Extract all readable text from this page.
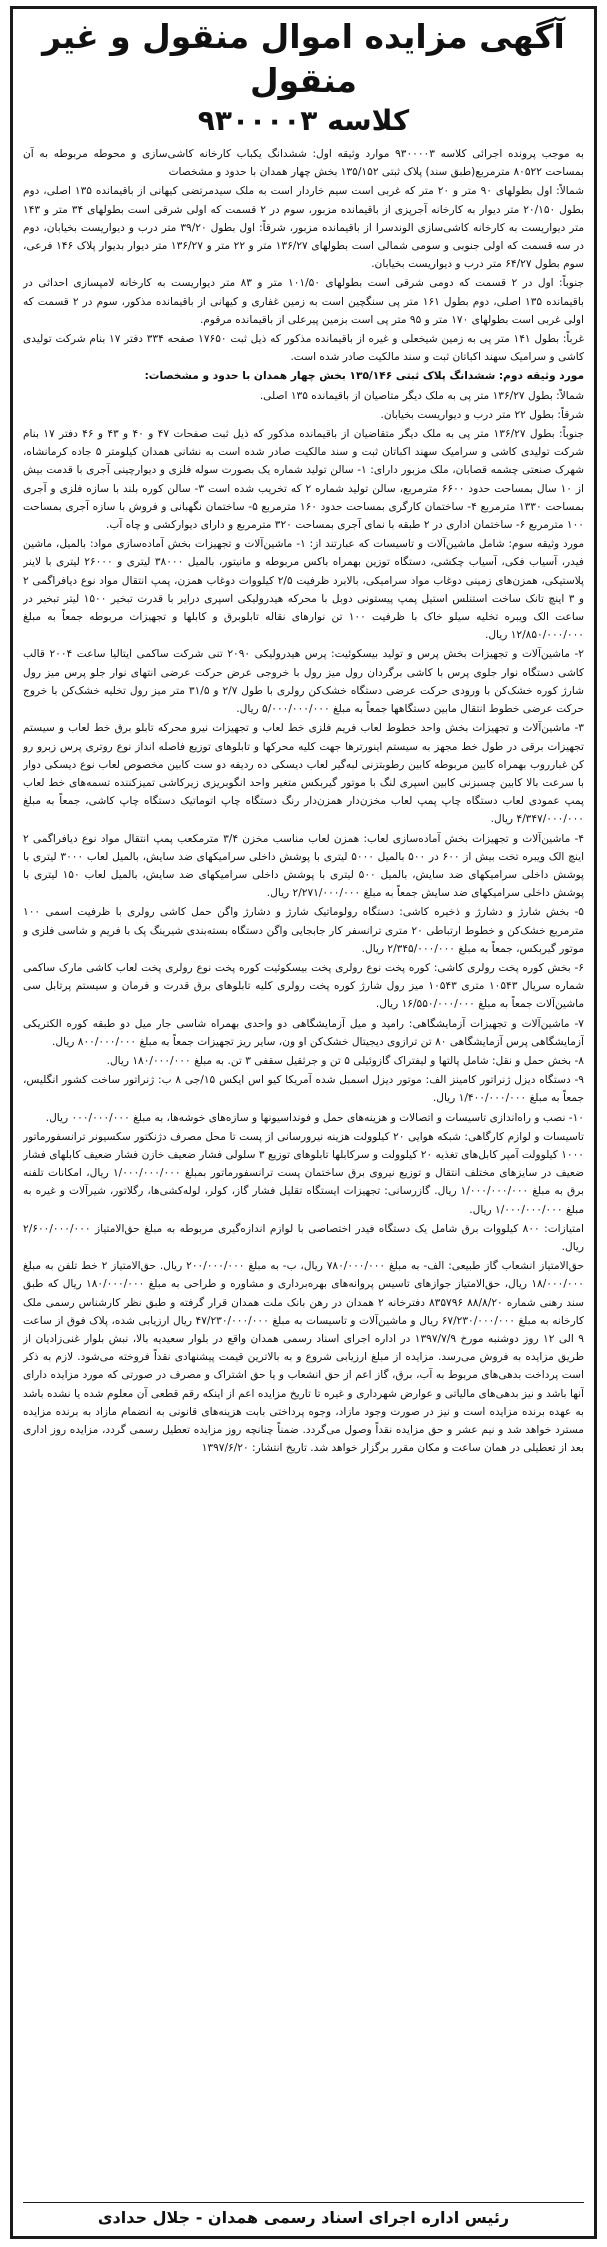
آگهی مزایده اموال منقول و غیر منقول
کلاسه ۹۳۰۰۰۰۳

به موجب پرونده اجرائی کلاسه ۹۳۰۰۰۰۳ موارد وثیقه اول: ششدانگ یکباب کارخانه کاشی‌سازی و محوطه مربوطه به آن بمساحت ۸۰۵۲۲ مترمربع(طبق سند) پلاک ثبتی ۱۳۵/۱۵۲ بخش چهار همدان با حدود و مشخصات

شمالاً: اول بطولهای ۹۰ متر و ۲۰ متر که غربی است سیم خاردار است به ملک سیدمرتضی کیهانی از باقیمانده ۱۳۵ اصلی، دوم بطول ۲۰/۱۵۰ متر دیوار به کارخانه آجرپزی از باقیمانده مزبور، سوم در ۲ قسمت که اولی شرقی است بطولهای ۳۴ متر و ۱۴۳ متر دیواریست به کارخانه کاشی‌سازی الوندسرا از باقیمانده مزبور، شرقاً: اول بطول ۳۹/۲۰ متر درب و دیواریست بخیابان، دوم در سه قسمت که اولی جنوبی و سومی شمالی است بطولهای ۱۳۶/۲۷ متر و ۲۲ متر و ۱۳۶/۲۷ متر دیوار بدیوار پلاک ۱۴۶ فرعی، سوم بطول ۶۴/۲۷ متر درب و دیواریست بخیابان.

جنوباً: اول در ۲ قسمت که دومی شرقی است بطولهای ۱۰۱/۵۰ متر و ۸۳ متر دیواریست به کارخانه لامپسازی احداثی در باقیمانده ۱۳۵ اصلی، دوم بطول ۱۶۱ متر پی سنگچین است به زمین غفاری و کیهانی از باقیمانده مذکور، سوم در ۲ قسمت که اولی غربی است بطولهای ۱۷۰ متر و ۹۵ متر پی است بزمین پیرعلی از باقیمانده مرقوم.

غرباً: بطول ۱۴۱ متر پی به زمین شیخعلی و غیره از باقیمانده مذکور که ذیل ثبت ۱۷۶۵۰ صفحه ۳۳۴ دفتر ۱۷ بنام شرکت تولیدی کاشی و سرامیک سهند اکباتان ثبت و سند مالکیت صادر شده است.

مورد وثیقه دوم: ششدانگ پلاک ثبتی ۱۳۵/۱۴۶ بخش چهار همدان با حدود و مشخصات:

شمالاً: بطول ۱۳۶/۲۷ متر پی به ملک دیگر متاصیان از باقیمانده ۱۳۵ اصلی.

شرقاً: بطول ۲۲ متر درب و دیواریست بخیابان.

جنوباً: بطول ۱۳۶/۲۷ متر پی به ملک دیگر متقاضیان از باقیمانده مذکور که ذیل ثبت صفحات ۴۷ و ۴۰ و ۴۳ و ۴۶ دفتر ۱۷ بنام شرکت تولیدی کاشی و سرامیک سهند اکباتان ثبت و سند مالکیت صادر شده است به نشانی همدان کیلومتر ۵ جاده کرمانشاه، شهرک صنعتی چشمه قصابان، ملک مزبور دارای: ۱- سالن تولید شماره یک بصورت سوله فلزی و دیوارچینی آجری با قدمت بیش از ۱۰ سال بمساحت حدود ۶۶۰۰ مترمربع، سالن تولید شماره ۲ که تخریب شده است ۳- سالن کوره بلند با سازه فلزی و آجری بمساحت ۱۳۳۰ مترمربع ۴- ساختمان کارگری بمساحت حدود ۱۶۰ مترمربع ۵- ساختمان نگهبانی و فروش با سازه آجری بمساحت ۱۰۰ مترمربع ۶- ساختمان اداری در ۲ طبقه با نمای آجری بمساحت ۳۲۰ مترمربع و دارای دیوارکشی و چاه آب.

مورد وثیقه سوم: شامل ماشین‌آلات و تاسیسات که عبارتند از: ۱- ماشین‌آلات و تجهیزات بخش آماده‌سازی مواد: بالمیل، ماشین فیدر، آسیاب فکی، آسیاب چکشی، دستگاه توزین بهمراه باکس مربوطه و مانیتور، بالمیل ۳۸۰۰۰ لیتری و ۲۶۰۰۰ لیتری با لاینر پلاستیکی، همزن‌های زمینی دوغاب مواد سرامیکی، بالابرد ظرفیت ۲/۵ کیلووات دوغاب همزن، پمپ انتقال مواد نوع دیافراگمی ۲ و ۳ اینچ تانک ساخت استنلس استیل پمپ پیستونی دوبل با محرکه هیدرولیکی اسپری درایر با قدرت تبخیر ۱۵۰۰ لیتر تبخیر در ساعت الک ویبره تخلیه سیلو خاک با ظرفیت ۱۰۰ تن نوارهای نقاله تابلوبرق و کابلها و تجهیزات مربوطه جمعاً به مبلغ ۱۲/۸۵۰/۰۰۰/۰۰۰ ریال.

۲- ماشین‌آلات و تجهیزات بخش پرس و تولید بیسکوئیت: پرس هیدرولیکی ۲۰۹۰ تنی شرکت ساکمی ایتالیا ساعت ۲۰۰۴ قالب کاشی دستگاه نوار جلوی پرس با کاشی برگردان رول میز رول با خروجی عرض حرکت عرضی انتهای نوار جلو پرس میز رول شارژ کوره خشک‌کن با ورودی حرکت عرضی دستگاه خشک‌کن رولری با طول ۲/۷ و ۳۱/۵ متر میز رول تخلیه خشک‌کن با خروج حرکت عرضی خطوط انتقال مابین دستگاهها جمعاً به مبلغ ۵/۰۰۰/۰۰۰/۰۰۰ ریال.

۳- ماشین‌آلات و تجهیزات بخش واحد خطوط لعاب فریم فلزی خط لعاب و تجهیزات نیرو محرکه تابلو برق خط لعاب و سیستم تجهیزات برقی در طول خط مجهز به سیستم اینورترها جهت کلیه محرکها و تابلوهای توزیع فاصله انداز نوع روتری پرس زبرو رو کن غبارروب بهمراه کابین مربوطه کابین رطوبتزنی لبه‌گیر لعاب دیسکی ده ردیفه دو ست کابین مخصوص لعاب نوع دیسکی دوار با سرعت بالا کابین چسبزنی کابین اسپری لنگ با موتور گیربکس متغیر واحد انگوبریزی زیرکاشی تمیزکننده تسمه‌های خط لعاب پمپ عمودی لعاب دستگاه چاپ پمپ لعاب مخزن‌دار همزن‌دار رنگ دستگاه چاپ اتوماتیک دستگاه چاپ کاشی، جمعاً به مبلغ ۴/۳۴۷/۰۰۰/۰۰۰ ریال.

۴- ماشین‌آلات و تجهیزات بخش آماده‌سازی لعاب: همزن لعاب مناسب مخزن ۳/۴ مترمکعب پمپ انتقال مواد نوع دیافراگمی ۲ اینچ الک ویبره تخت بیش از ۶۰۰ در ۵۰۰ بالمیل ۵۰۰۰ لیتری با پوشش داخلی سرامیکهای ضد سایش، بالمیل لعاب ۳۰۰۰ لیتری با پوشش داخلی سرامیکهای ضد سایش، بالمیل ۵۰۰ لیتری با پوشش داخلی سرامیکهای ضد سایش، بالمیل لعاب ۱۵۰ لیتری با پوشش داخلی سرامیکهای ضد سایش جمعاً به مبلغ ۲/۲۷۱/۰۰۰/۰۰۰ ریال.

۵- بخش شارژ و دشارژ و ذخیره کاشی: دستگاه رولوماتیک شارژ و دشارژ واگن حمل کاشی رولری با ظرفیت اسمی ۱۰۰ مترمربع خشک‌کن و خطوط ارتباطی ۲۰ متری ترانسفر کار جابجایی واگن دستگاه بسته‌بندی شیرینگ پک با فریم و شاسی فلزی و موتور گیربکس، جمعاً به مبلغ ۲/۳۴۵/۰۰۰/۰۰۰ ریال.

۶- بخش کوره پخت رولری کاشی: کوره پخت نوع رولری پخت بیسکوئیت کوره پخت نوع رولری پخت لعاب کاشی مارک ساکمی شماره سریال ۱۰۵۴۳ متری ۱۰۵۴۳ میز رول شارژ کوره پخت رولری کلیه تابلوهای برق قدرت و فرمان و سیستم پرتابل سی ماشین‌آلات جمعاً به مبلغ ۱۶/۵۵۰/۰۰۰/۰۰۰ ریال.

۷- ماشین‌آلات و تجهیزات آزمایشگاهی: رامپد و میل آزمایشگاهی دو واحدی بهمراه شاسی جار میل دو طبقه کوره الکتریکی آزمایشگاهی پرس آزمایشگاهی ۸۰ تن ترازوی دیجیتال خشک‌کن او ون، سایر ریز تجهیزات جمعاً به مبلغ ۸۰۰/۰۰۰/۰۰۰ ریال.

۸- بخش حمل و نقل: شامل پالتها و لیفتراک گازوئیلی ۵ تن و جرثقیل سقفی ۳ تن. به مبلغ ۱۸۰/۰۰۰/۰۰۰ ریال.

۹- دستگاه دیزل ژنراتور کامینز الف: موتور دیزل اسمبل شده آمریکا کیو اس ایکس ۱۵/جی ۸ ب: ژنراتور ساخت کشور انگلیس، جمعاً به مبلغ ۱/۴۰۰/۰۰۰/۰۰۰ ریال.

۱۰- نصب و راه‌اندازی تاسیسات و اتصالات و هزینه‌های حمل و فونداسیونها و سازه‌های خوشه‌ها، به مبلغ ۰۰۰/۰۰۰/۰۰۰ ریال.

تاسیسات و لوازم کارگاهی: شبکه هوایی ۲۰ کیلوولت هزینه نیرورسانی از پست تا محل مصرف دژنکتور سکسیونر ترانسفورماتور ۱۰۰۰ کیلوولت آمپر کابل‌های تغذیه ۲۰ کیلوولت و سرکابلها تابلوهای توزیع ۳ سلولی فشار ضعیف خازن فشار ضعیف کابلهای فشار ضعیف در سایزهای مختلف انتقال و توزیع نیروی برق ساختمان پست ترانسفورماتور بمبلغ ۱/۰۰۰/۰۰۰/۰۰۰ ریال، امکانات تلفنه برق به مبلغ ۱/۰۰۰/۰۰۰/۰۰۰ ریال. گازرسانی: تجهیزات ایستگاه تقلیل فشار گاز، کولر، لوله‌کشی‌ها، رگلاتور، شیرآلات و غیره به مبلغ ۱/۰۰۰/۰۰۰/۰۰۰ ریال.

امتیازات: ۸۰۰ کیلووات برق شامل یک دستگاه فیدر اختصاصی با لوازم اندازه‌گیری مربوطه به مبلغ حق‌الامتیاز ۲/۶۰۰/۰۰۰/۰۰۰ ریال.

حق‌الامتیاز انشعاب گاز طبیعی: الف- به مبلغ ۷۸۰/۰۰۰/۰۰۰ ریال، ب- به مبلغ ۲۰۰/۰۰۰/۰۰۰ ریال. حق‌الامتیاز ۲ خط تلفن به مبلغ ۱۸/۰۰۰/۰۰۰ ریال، حق‌الامتیاز جوازهای تاسیس پروانه‌های بهره‌برداری و مشاوره و طراحی به مبلغ ۱۸۰/۰۰۰/۰۰۰ ریال که طبق سند رهنی شماره ۸۸/۸/۲۰ ۸۳۵۷۹۶ دفترخانه ۲ همدان در رهن بانک ملت همدان قرار گرفته و طبق نظر کارشناس رسمی ملک کارخانه به مبلغ ۶۷/۲۳۰/۰۰۰/۰۰۰ ریال و ماشین‌آلات و تاسیسات به مبلغ ۴۷/۲۳۰/۰۰۰/۰۰۰ ریال ارزیابی شده، پلاک فوق از ساعت ۹ الی ۱۲ روز دوشنبه مورخ ۱۳۹۷/۷/۹ در اداره اجرای اسناد رسمی همدان واقع در بلوار سعیدیه بالا، نبش بلوار غنی‌زادیان از طریق مزایده به فروش می‌رسد. مزایده از مبلغ ارزیابی شروع و به بالاترین قیمت پیشنهادی نقداً فروخته می‌شود. لازم به ذکر است پرداخت بدهی‌های مربوط به آب، برق، گاز اعم از حق انشعاب و یا حق اشتراک و مصرف در صورتی که مورد مزایده دارای آنها باشد و نیز بدهی‌های مالیاتی و عوارض شهرداری و غیره تا تاریخ مزایده اعم از اینکه رقم قطعی آن معلوم شده یا نشده باشد به عهده برنده مزایده است و نیز در صورت وجود مازاد، وجوه پرداختی بابت هزینه‌های قانونی به انضمام مازاد به برنده مزایده مسترد خواهد شد و نیم عشر و حق مزایده نقداً وصول می‌گردد. ضمناً چنانچه روز مزایده تعطیل رسمی گردد، مزایده روز اداری بعد از تعطیلی در همان ساعت و مکان مقرر برگزار خواهد شد. تاریخ انتشار: ۱۳۹۷/۶/۲۰

رئیس اداره اجرای اسناد رسمی همدان - جلال حدادی
